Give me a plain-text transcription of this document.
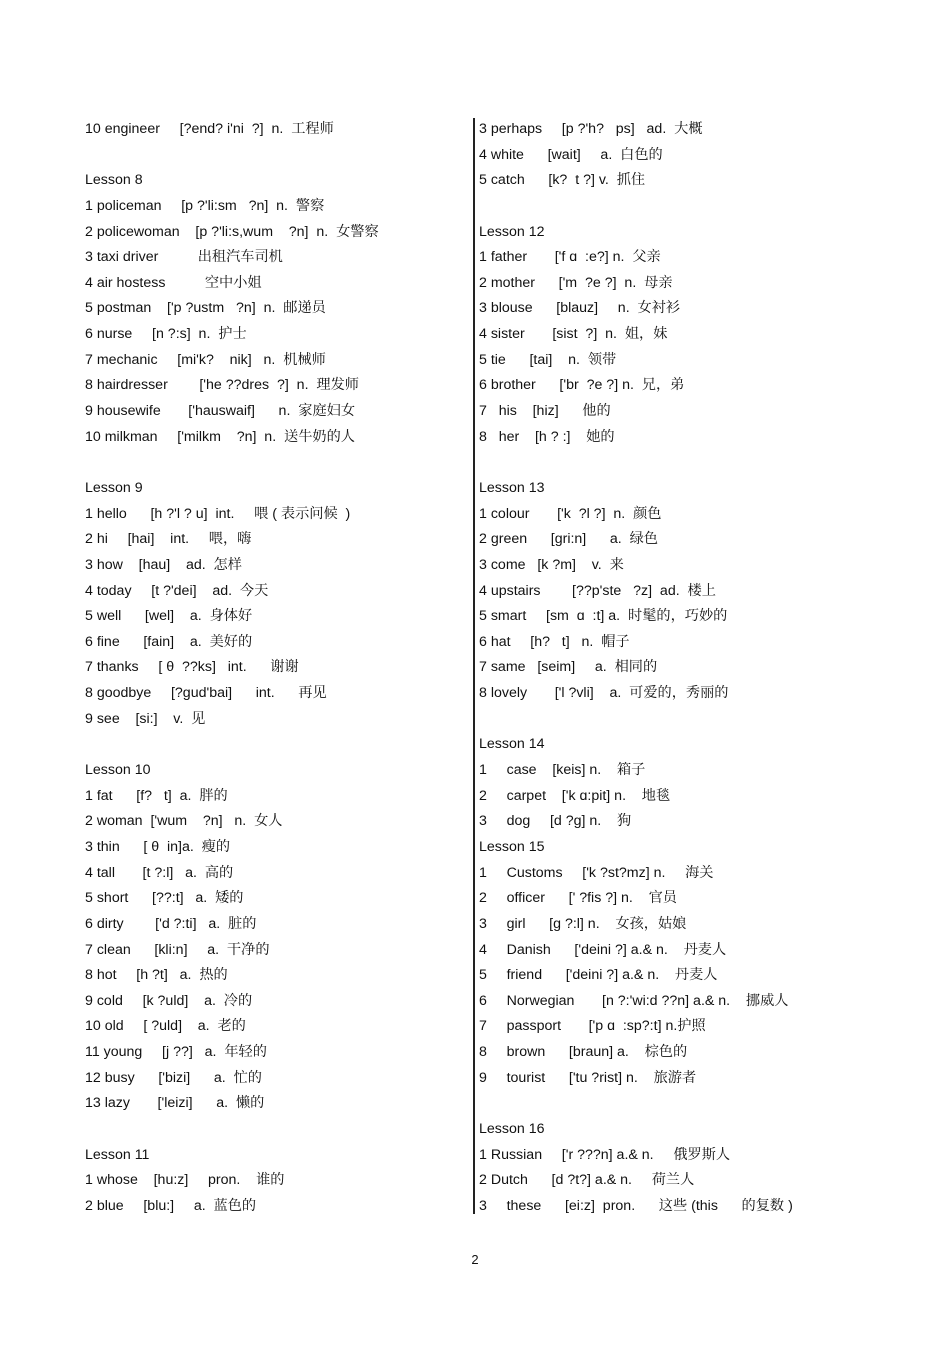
10 engineer     [?end? i'ni  ?]  n.  工程师
Lesson 8
1 policeman     [p ?'li:sm   ?n]  n.  警察
2 policewoman    [p ?'li:s,wum    ?n]  n.  女警察
3 taxi driver          出租汽车司机
4 air hostess          空中小姐
5 postman    ['p ?ustm   ?n]  n.  邮递员
6 nurse     [n ?:s]  n.  护士
7 mechanic     [mi'k?    nik]   n.  机械师
8 hairdresser        ['he ??dres  ?]  n.  理发师
9 housewife       ['hauswaif]      n.  家庭妇女
10 milkman     ['milkm    ?n]  n.  送牛奶的人
Lesson 9
1 hello      [h ?'l ? u]  int.     喂 ( 表示问候  )
2 hi     [hai]    int.     喂，嗨
3 how    [hau]    ad.  怎样
4 today     [t ?'dei]    ad.  今天
5 well      [wel]    a.  身体好
6 fine      [fain]    a.  美好的
7 thanks     [ θ  ??ks]   int.      谢谢
8 goodbye     [?gud'bai]      int.      再见
9 see    [si:]    v.  见
Lesson 10
1 fat      [f?   t]  a.  胖的
2 woman  ['wum    ?n]   n.  女人
3 thin      [ θ  in]a.  瘦的
4 tall       [t ?:l]   a.  高的
5 short      [??:t]   a.  矮的
6 dirty        ['d ?:ti]   a.  脏的
7 clean      [kli:n]     a.  干净的
8 hot     [h ?t]   a.  热的
9 cold     [k ?uld]    a.  冷的
10 old     [ ?uld]    a.  老的
11 young     [j ??]   a.  年轻的
12 busy      ['bizi]      a.  忙的
13 lazy       ['leizi]      a.  懒的
Lesson 11
1 whose    [hu:z]     pron.    谁的
2 blue     [blu:]     a.  蓝色的
3 perhaps     [p ?'h?   ps]   ad.  大概
4 white      [wait]     a.  白色的
5 catch      [k?  t ?] v.  抓住
Lesson 12
1 father       ['f ɑ  :e?] n.  父亲
2 mother      ['m  ?e ?]  n.  母亲
3 blouse      [blauz]     n.  女衬衫
4 sister       [sist  ?]  n.  姐，妹
5 tie      [tai]    n.  领带
6 brother      ['br  ?e ?] n.  兄，弟
7   his    [hiz]      他的
8   her    [h ? :]    她的
Lesson 13
1 colour       ['k  ?l ?]  n.  颜色
2 green      [gri:n]      a.  绿色
3 come   [k ?m]    v.  来
4 upstairs        [??p'ste   ?z]  ad.  楼上
5 smart     [sm  ɑ  :t] a.  时髦的，巧妙的
6 hat     [h?   t]   n.  帽子
7 same   [seim]     a.  相同的
8 lovely       ['l ?vli]    a.  可爱的，秀丽的
Lesson 14
1     case    [keis] n.    箱子
2     carpet    ['k ɑ:pit] n.    地毯
3     dog     [d ?g] n.    狗
Lesson 15
1     Customs     ['k ?st?mz] n.     海关
2     officer      [' ?fis ?] n.    官员
3     girl      [g ?:l] n.    女孩，姑娘
4     Danish      ['deini ?] a.& n.    丹麦人
5     friend      ['deini ?] a.& n.    丹麦人
6     Norwegian       [n ?:'wi:d ??n] a.& n.    挪威人
7     passport       ['p ɑ  :sp?:t] n.护照
8     brown      [braun] a.    棕色的
9     tourist      ['tu ?rist] n.    旅游者
Lesson 16
1 Russian     ['r ???n] a.& n.     俄罗斯人
2 Dutch      [d ?t?] a.& n.     荷兰人
3     these      [ei:z]  pron.      这些 (this      的复数 )
2
